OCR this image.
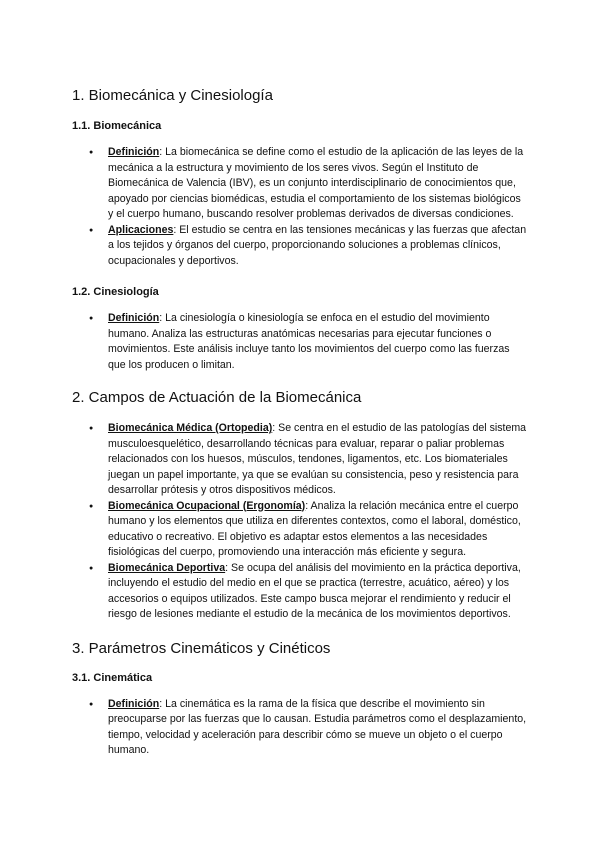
1. Biomecánica y Cinesiología
1.1. Biomecánica
● Definición: La biomecánica se define como el estudio de la aplicación de las leyes de la mecánica a la estructura y movimiento de los seres vivos. Según el Instituto de Biomecánica de Valencia (IBV), es un conjunto interdisciplinario de conocimientos que, apoyado por ciencias biomédicas, estudia el comportamiento de los sistemas biológicos y el cuerpo humano, buscando resolver problemas derivados de diversas condiciones.
● Aplicaciones: El estudio se centra en las tensiones mecánicas y las fuerzas que afectan a los tejidos y órganos del cuerpo, proporcionando soluciones a problemas clínicos, ocupacionales y deportivos.
1.2. Cinesiología
● Definición: La cinesiología o kinesiología se enfoca en el estudio del movimiento humano. Analiza las estructuras anatómicas necesarias para ejecutar funciones o movimientos. Este análisis incluye tanto los movimientos del cuerpo como las fuerzas que los producen o limitan.
2. Campos de Actuación de la Biomecánica
● Biomecánica Médica (Ortopedia): Se centra en el estudio de las patologías del sistema musculoesquelético, desarrollando técnicas para evaluar, reparar o paliar problemas relacionados con los huesos, músculos, tendones, ligamentos, etc. Los biomateriales juegan un papel importante, ya que se evalúan su consistencia, peso y resistencia para desarrollar prótesis y otros dispositivos médicos.
● Biomecánica Ocupacional (Ergonomía): Analiza la relación mecánica entre el cuerpo humano y los elementos que utiliza en diferentes contextos, como el laboral, doméstico, educativo o recreativo. El objetivo es adaptar estos elementos a las necesidades fisiológicas del cuerpo, promoviendo una interacción más eficiente y segura.
● Biomecánica Deportiva: Se ocupa del análisis del movimiento en la práctica deportiva, incluyendo el estudio del medio en el que se practica (terrestre, acuático, aéreo) y los accesorios o equipos utilizados. Este campo busca mejorar el rendimiento y reducir el riesgo de lesiones mediante el estudio de la mecánica de los movimientos deportivos.
3. Parámetros Cinemáticos y Cinéticos
3.1. Cinemática
● Definición: La cinemática es la rama de la física que describe el movimiento sin preocuparse por las fuerzas que lo causan. Estudia parámetros como el desplazamiento, tiempo, velocidad y aceleración para describir cómo se mueve un objeto o el cuerpo humano.
